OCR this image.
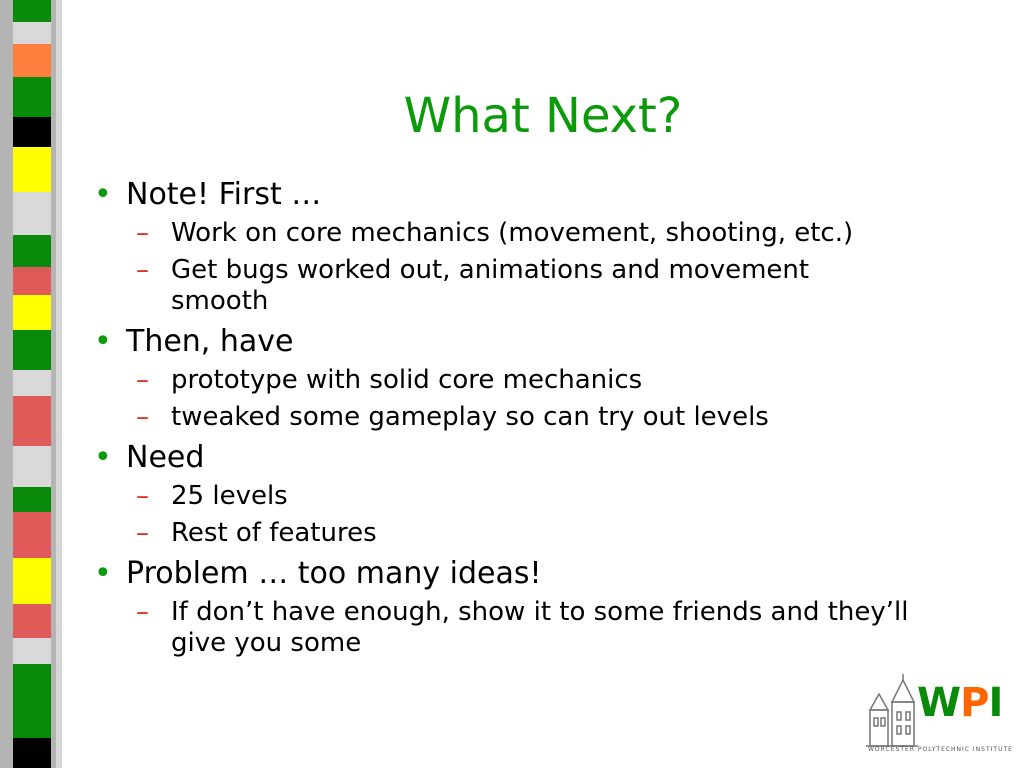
What Next?
• Note! First …
– Work on core mechanics (movement, shooting, etc.)
– Get bugs worked out, animations and movement smooth
• Then, have
– prototype with solid core mechanics
– tweaked some gameplay so can try out levels
• Need
– 25 levels
– Rest of features
• Problem … too many ideas!
– If don’t have enough, show it to some friends and they’ll give you some
WPI
WORCESTER POLYTECHNIC INSTITUTE
